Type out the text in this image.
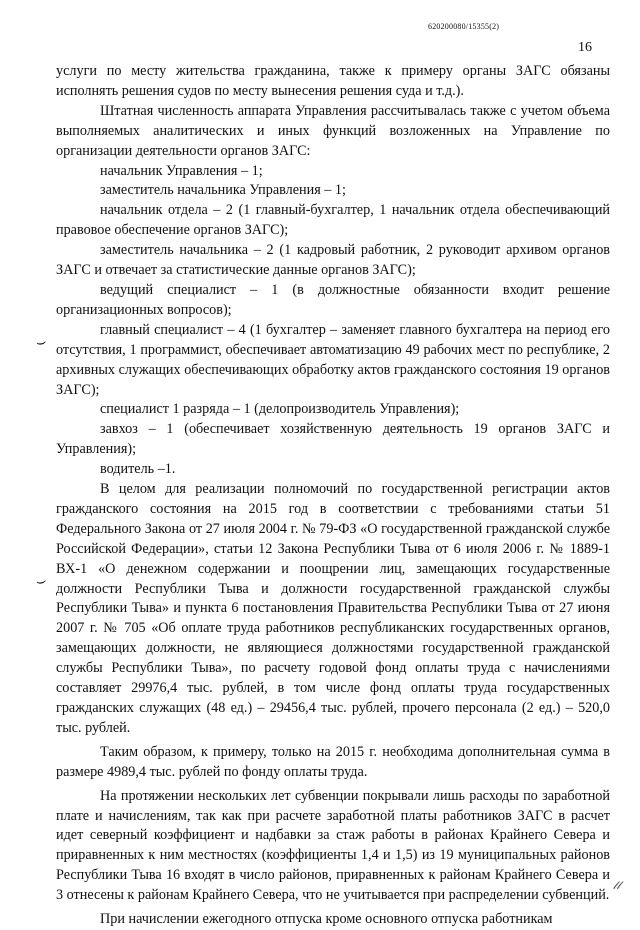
620200080/15355(2)
16
⌣
⌣
𝓁𝓁

услуги по месту жительства гражданина, также к примеру органы ЗАГС обязаны исполнять решения судов по месту вынесения решения суда и т.д.).

Штатная численность аппарата Управления рассчитывалась также с учетом объема выполняемых аналитических и иных функций возложенных на Управление по организации деятельности органов ЗАГС:

начальник Управления – 1;

заместитель начальника Управления – 1;

начальник отдела – 2 (1 главный-бухгалтер, 1 начальник отдела обеспечивающий правовое обеспечение органов ЗАГС);

заместитель начальника – 2 (1 кадровый работник, 2 руководит архивом органов ЗАГС и отвечает за статистические данные органов ЗАГС);

ведущий специалист – 1 (в должностные обязанности входит решение организационных вопросов);

главный специалист – 4 (1 бухгалтер – заменяет главного бухгалтера на период его отсутствия, 1 программист, обеспечивает автоматизацию 49 рабочих мест по республике, 2 архивных служащих обеспечивающих обработку актов гражданского состояния 19 органов ЗАГС);

специалист 1 разряда – 1 (делопроизводитель Управления);

завхоз – 1 (обеспечивает хозяйственную деятельность 19 органов ЗАГС и Управления);

водитель –1.

В целом для реализации полномочий по государственной регистрации актов гражданского состояния на 2015 год в соответствии с требованиями статьи 51 Федерального Закона от 27 июля 2004 г. № 79-ФЗ «О государственной гражданской службе Российской Федерации», статьи 12 Закона Республики Тыва от 6 июля 2006 г. № 1889-1 ВХ-1 «О денежном содержании и поощрении лиц, замещающих государственные должности Республики Тыва и должности государственной гражданской службы Республики Тыва» и пункта 6 постановления Правительства Республики Тыва от 27 июня 2007 г. № 705 «Об оплате труда работников республиканских государственных органов, замещающих должности, не являющиеся должностями государственной гражданской службы Республики Тыва», по расчету годовой фонд оплаты труда с начислениями составляет 29976,4 тыс. рублей, в том числе фонд оплаты труда государственных гражданских служащих (48 ед.) – 29456,4 тыс. рублей, прочего персонала (2 ед.) – 520,0 тыс. рублей.

Таким образом, к примеру, только на 2015 г. необходима дополнительная сумма в размере 4989,4 тыс. рублей по фонду оплаты труда.

На протяжении нескольких лет субвенции покрывали лишь расходы по заработной плате и начислениям, так как при расчете заработной платы работников ЗАГС в расчет идет северный коэффициент и надбавки за стаж работы в районах Крайнего Севера и приравненных к ним местностях (коэффициенты 1,4 и 1,5) из 19 муниципальных районов Республики Тыва 16 входят в число районов, приравненных к районам Крайнего Севера и 3 отнесены к районам Крайнего Севера, что не учитывается при распределении субвенций.

При начислении ежегодного отпуска кроме основного отпуска работникам
